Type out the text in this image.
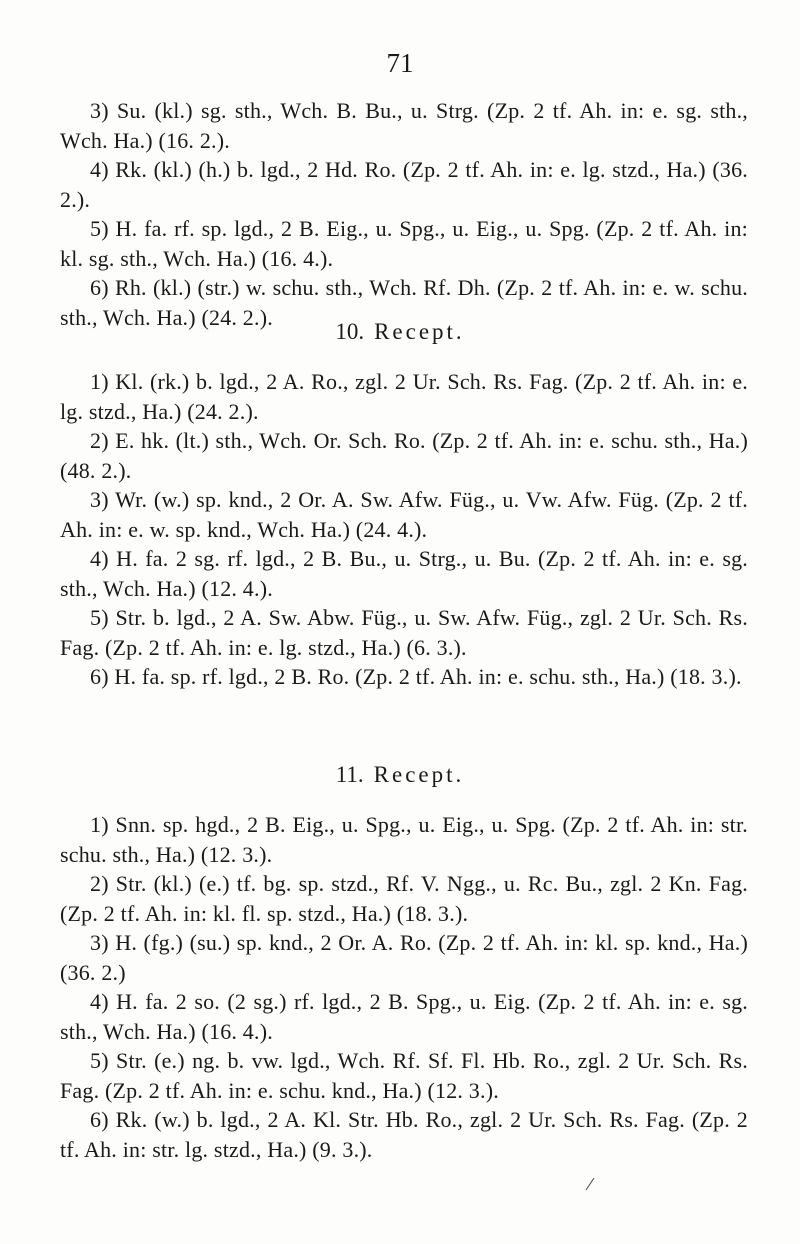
71

3) Su. (kl.) sg. sth., Wch. B. Bu., u. Strg. (Zp. 2 tf. Ah. in: e. sg. sth., Wch. Ha.) (16. 2.).

4) Rk. (kl.) (h.) b. lgd., 2 Hd. Ro. (Zp. 2 tf. Ah. in: e. lg. stzd., Ha.) (36. 2.).

5) H. fa. rf. sp. lgd., 2 B. Eig., u. Spg., u. Eig., u. Spg. (Zp. 2 tf. Ah. in: kl. sg. sth., Wch. Ha.) (16. 4.).

6) Rh. (kl.) (str.) w. schu. sth., Wch. Rf. Dh. (Zp. 2 tf. Ah. in: e. w. schu. sth., Wch. Ha.) (24. 2.).

10. Recept.

1) Kl. (rk.) b. lgd., 2 A. Ro., zgl. 2 Ur. Sch. Rs. Fag. (Zp. 2 tf. Ah. in: e. lg. stzd., Ha.) (24. 2.).

2) E. hk. (lt.) sth., Wch. Or. Sch. Ro. (Zp. 2 tf. Ah. in: e. schu. sth., Ha.) (48. 2.).

3) Wr. (w.) sp. knd., 2 Or. A. Sw. Afw. Füg., u. Vw. Afw. Füg. (Zp. 2 tf. Ah. in: e. w. sp. knd., Wch. Ha.) (24. 4.).

4) H. fa. 2 sg. rf. lgd., 2 B. Bu., u. Strg., u. Bu. (Zp. 2 tf. Ah. in: e. sg. sth., Wch. Ha.) (12. 4.).

5) Str. b. lgd., 2 A. Sw. Abw. Füg., u. Sw. Afw. Füg., zgl. 2 Ur. Sch. Rs. Fag. (Zp. 2 tf. Ah. in: e. lg. stzd., Ha.) (6. 3.).

6) H. fa. sp. rf. lgd., 2 B. Ro. (Zp. 2 tf. Ah. in: e. schu. sth., Ha.) (18. 3.).

11. Recept.

1) Snn. sp. hgd., 2 B. Eig., u. Spg., u. Eig., u. Spg. (Zp. 2 tf. Ah. in: str. schu. sth., Ha.) (12. 3.).

2) Str. (kl.) (e.) tf. bg. sp. stzd., Rf. V. Ngg., u. Rc. Bu., zgl. 2 Kn. Fag. (Zp. 2 tf. Ah. in: kl. fl. sp. stzd., Ha.) (18. 3.).

3) H. (fg.) (su.) sp. knd., 2 Or. A. Ro. (Zp. 2 tf. Ah. in: kl. sp. knd., Ha.) (36. 2.)

4) H. fa. 2 so. (2 sg.) rf. lgd., 2 B. Spg., u. Eig. (Zp. 2 tf. Ah. in: e. sg. sth., Wch. Ha.) (16. 4.).

5) Str. (e.) ng. b. vw. lgd., Wch. Rf. Sf. Fl. Hb. Ro., zgl. 2 Ur. Sch. Rs. Fag. (Zp. 2 tf. Ah. in: e. schu. knd., Ha.) (12. 3.).

6) Rk. (w.) b. lgd., 2 A. Kl. Str. Hb. Ro., zgl. 2 Ur. Sch. Rs. Fag. (Zp. 2 tf. Ah. in: str. lg. stzd., Ha.) (9. 3.).
